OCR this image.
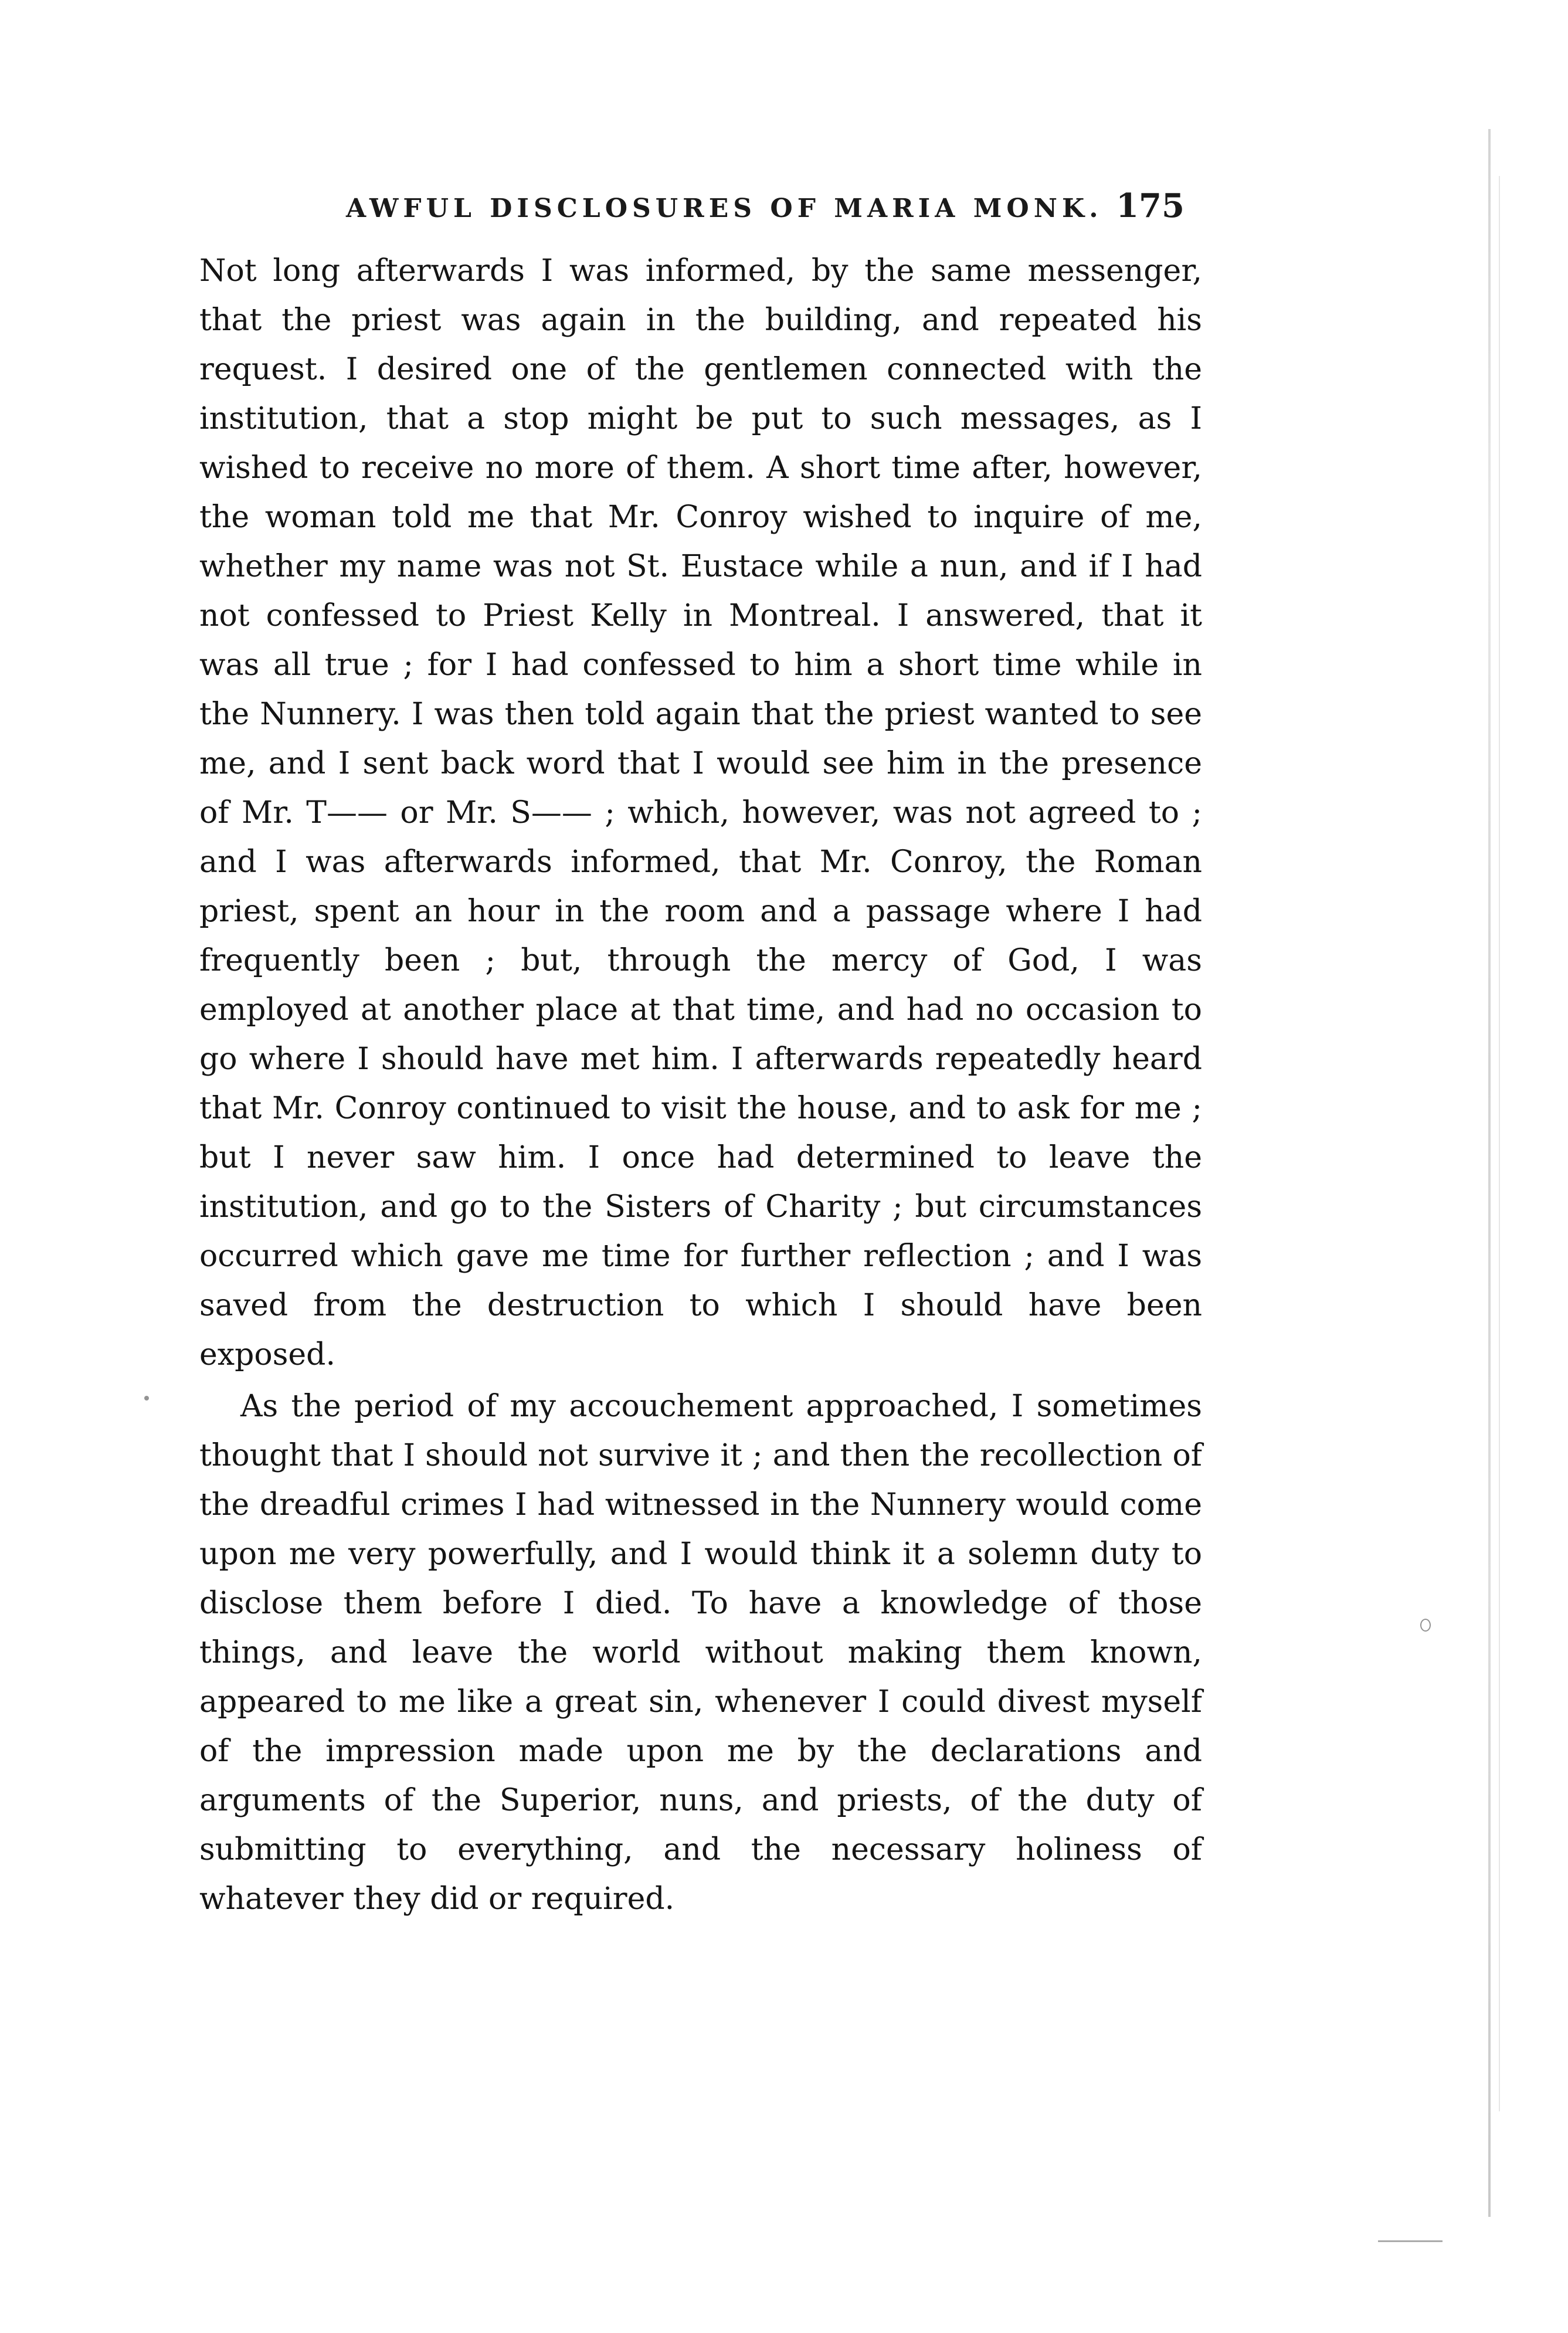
AWFUL DISCLOSURES OF MARIA MONK. 175

Not long afterwards I was informed, by the same messenger, that the priest was again in the building, and repeated his request. I desired one of the gentlemen connected with the institution, that a stop might be put to such messages, as I wished to receive no more of them. A short time after, however, the woman told me that Mr. Conroy wished to inquire of me, whether my name was not St. Eustace while a nun, and if I had not confessed to Priest Kelly in Montreal. I answered, that it was all true ; for I had confessed to him a short time while in the Nunnery. I was then told again that the priest wanted to see me, and I sent back word that I would see him in the presence of Mr. T—— or Mr. S—— ; which, however, was not agreed to ; and I was afterwards informed, that Mr. Conroy, the Roman priest, spent an hour in the room and a passage where I had frequently been ; but, through the mercy of God, I was employed at another place at that time, and had no occasion to go where I should have met him. I afterwards repeatedly heard that Mr. Conroy continued to visit the house, and to ask for me ; but I never saw him. I once had determined to leave the institution, and go to the Sisters of Charity ; but circumstances occurred which gave me time for further reflection ; and I was saved from the destruction to which I should have been exposed.

As the period of my accouchement approached, I sometimes thought that I should not survive it ; and then the recollection of the dreadful crimes I had witnessed in the Nunnery would come upon me very powerfully, and I would think it a solemn duty to disclose them before I died. To have a knowledge of those things, and leave the world without making them known, appeared to me like a great sin, whenever I could divest myself of the impression made upon me by the declarations and arguments of the Superior, nuns, and priests, of the duty of submitting to everything, and the necessary holiness of whatever they did or required.
